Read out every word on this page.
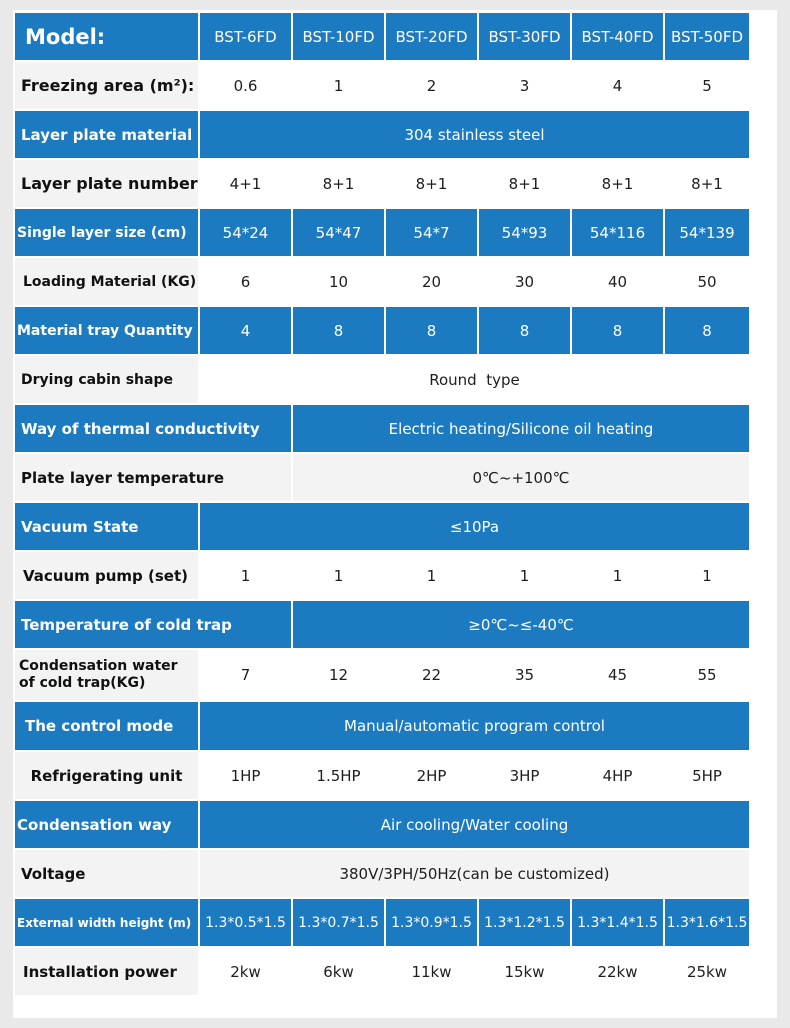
Model:	BST-6FD	BST-10FD	BST-20FD	BST-30FD	BST-40FD	BST-50FD
Freezing area (m²):	0.6	1	2	3	4	5
Layer plate material	304 stainless steel					
Layer plate number	4+1	8+1	8+1	8+1	8+1	8+1
Single layer size (cm)	54*24	54*47	54*7	54*93	54*116	54*139
Loading Material (KG)	6	10	20	30	40	50
Material tray Quantity	4	8	8	8	8	8
Drying cabin shape	Round  type					
Way of thermal conductivity		Electric heating/Silicone oil heating				
Plate layer temperature		0℃~+100℃				
Vacuum State	≤10Pa					
Vacuum pump (set)	1	1	1	1	1	1
Temperature of cold trap		≥0℃~≤-40℃				
Condensation water of cold trap(KG)	7	12	22	35	45	55
The control mode	Manual/automatic program control					
Refrigerating unit	1HP	1.5HP	2HP	3HP	4HP	5HP
Condensation way	Air cooling/Water cooling					
Voltage	380V/3PH/50Hz(can be customized)					
External width height (m)	1.3*0.5*1.5	1.3*0.7*1.5	1.3*0.9*1.5	1.3*1.2*1.5	1.3*1.4*1.5	1.3*1.6*1.5
Installation power	2kw	6kw	11kw	15kw	22kw	25kw
